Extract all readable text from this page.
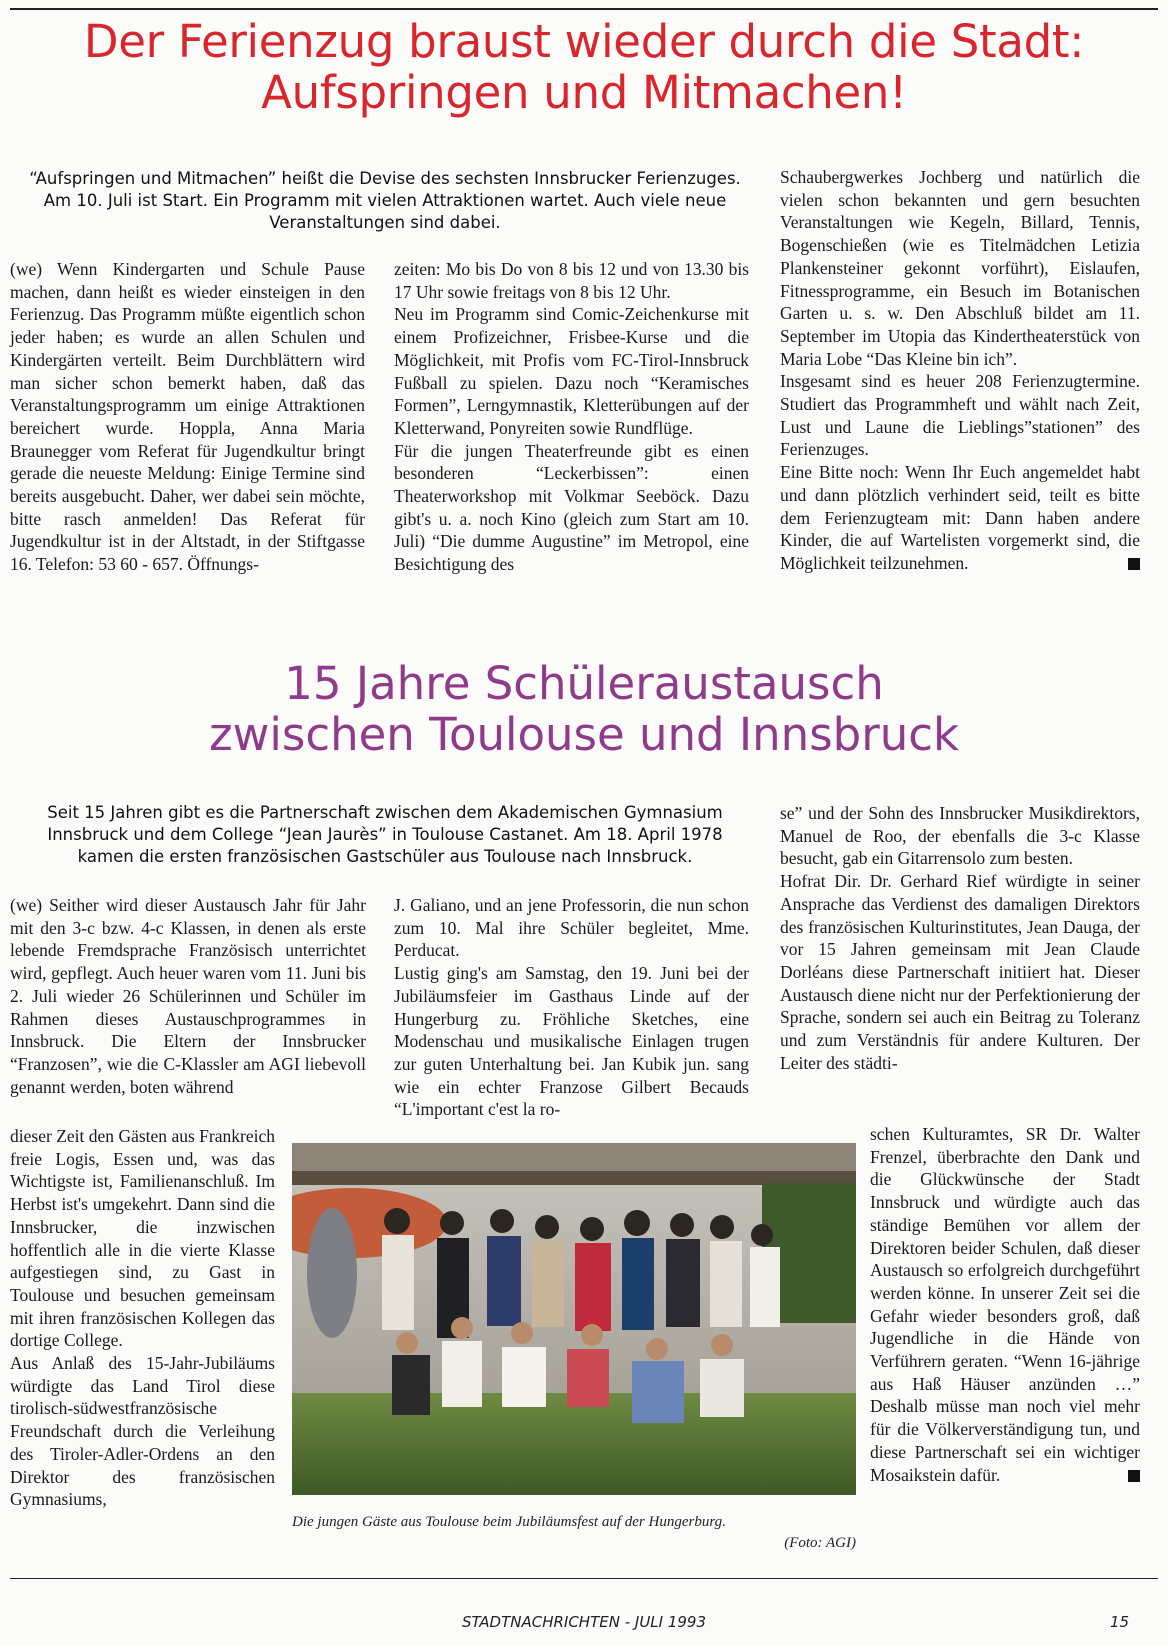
Der Ferienzug braust wieder durch die Stadt:
Aufspringen und Mitmachen!

“Aufspringen und Mitmachen” heißt die Devise des sechsten Innsbrucker Ferienzuges. Am 10. Juli ist Start. Ein Programm mit vielen Attraktionen wartet. Auch viele neue Veranstaltungen sind dabei.

(we) Wenn Kindergarten und Schule Pause machen, dann heißt es wieder einsteigen in den Ferienzug. Das Programm müßte eigentlich schon jeder haben; es wurde an allen Schulen und Kindergärten verteilt. Beim Durchblättern wird man sicher schon bemerkt haben, daß das Veranstaltungsprogramm um einige Attraktionen bereichert wurde. Hoppla, Anna Maria Braunegger vom Referat für Jugendkultur bringt gerade die neueste Meldung: Einige Termine sind bereits ausgebucht. Daher, wer dabei sein möchte, bitte rasch anmelden! Das Referat für Jugendkultur ist in der Altstadt, in der Stiftgasse 16. Telefon: 53 60 - 657. Öffnungs-

zeiten: Mo bis Do von 8 bis 12 und von 13.30 bis 17 Uhr sowie freitags von 8 bis 12 Uhr.

Neu im Programm sind Comic-Zeichenkurse mit einem Profizeichner, Frisbee-Kurse und die Möglichkeit, mit Profis vom FC-Tirol-Innsbruck Fußball zu spielen. Dazu noch “Keramisches Formen”, Lerngymnastik, Kletterübungen auf der Kletterwand, Ponyreiten sowie Rundflüge.

Für die jungen Theaterfreunde gibt es einen besonderen “Leckerbissen”: einen Theaterworkshop mit Volkmar Seeböck. Dazu gibt's u. a. noch Kino (gleich zum Start am 10. Juli) “Die dumme Augustine” im Metropol, eine Besichtigung des

Schaubergwerkes Jochberg und natürlich die vielen schon bekannten und gern besuchten Veranstaltungen wie Kegeln, Billard, Tennis, Bogenschießen (wie es Titelmädchen Letizia Plankensteiner gekonnt vorführt), Eislaufen, Fitnessprogramme, ein Besuch im Botanischen Garten u. s. w. Den Abschluß bildet am 11. September im Utopia das Kindertheaterstück von Maria Lobe “Das Kleine bin ich”.

Insgesamt sind es heuer 208 Ferienzugtermine. Studiert das Programmheft und wählt nach Zeit, Lust und Laune die Lieblings”stationen” des Ferienzuges.

Eine Bitte noch: Wenn Ihr Euch angemeldet habt und dann plötzlich verhindert seid, teilt es bitte dem Ferienzugteam mit: Dann haben andere Kinder, die auf Wartelisten vorgemerkt sind, die Möglichkeit teilzunehmen.

15 Jahre Schüleraustausch
zwischen Toulouse und Innsbruck

Seit 15 Jahren gibt es die Partnerschaft zwischen dem Akademischen Gymnasium Innsbruck und dem College “Jean Jaurès” in Toulouse Castanet. Am 18. April 1978 kamen die ersten französischen Gastschüler aus Toulouse nach Innsbruck.

(we) Seither wird dieser Austausch Jahr für Jahr mit den 3-c bzw. 4-c Klassen, in denen als erste lebende Fremdsprache Französisch unterrichtet wird, gepflegt. Auch heuer waren vom 11. Juni bis 2. Juli wieder 26 Schülerinnen und Schüler im Rahmen dieses Austauschprogrammes in Innsbruck. Die Eltern der Innsbrucker “Franzosen”, wie die C-Klassler am AGI liebevoll genannt werden, boten während

dieser Zeit den Gästen aus Frankreich freie Logis, Essen und, was das Wichtigste ist, Familienanschluß. Im Herbst ist's umgekehrt. Dann sind die Innsbrucker, die inzwischen hoffentlich alle in die vierte Klasse aufgestiegen sind, zu Gast in Toulouse und besuchen gemeinsam mit ihren französischen Kollegen das dortige College.

Aus Anlaß des 15-Jahr-Jubiläums würdigte das Land Tirol diese tirolisch-südwestfranzösische Freundschaft durch die Verleihung des Tiroler-Adler-Ordens an den Direktor des französischen Gymnasiums,

J. Galiano, und an jene Professorin, die nun schon zum 10. Mal ihre Schüler begleitet, Mme. Perducat.

Lustig ging's am Samstag, den 19. Juni bei der Jubiläumsfeier im Gasthaus Linde auf der Hungerburg zu. Fröhliche Sketches, eine Modenschau und musikalische Einlagen trugen zur guten Unterhaltung bei. Jan Kubik jun. sang wie ein echter Franzose Gilbert Becauds “L'important c'est la ro-

se” und der Sohn des Innsbrucker Musikdirektors, Manuel de Roo, der ebenfalls die 3-c Klasse besucht, gab ein Gitarrensolo zum besten.

Hofrat Dir. Dr. Gerhard Rief würdigte in seiner Ansprache das Verdienst des damaligen Direktors des französischen Kulturinstitutes, Jean Dauga, der vor 15 Jahren gemeinsam mit Jean Claude Dorléans diese Partnerschaft initiiert hat. Dieser Austausch diene nicht nur der Perfektionierung der Sprache, sondern sei auch ein Beitrag zu Toleranz und zum Verständnis für andere Kulturen. Der Leiter des städti-

schen Kulturamtes, SR Dr. Walter Frenzel, überbrachte den Dank und die Glückwünsche der Stadt Innsbruck und würdigte auch das ständige Bemühen vor allem der Direktoren beider Schulen, daß dieser Austausch so erfolgreich durchgeführt werden könne. In unserer Zeit sei die Gefahr wieder besonders groß, daß Jugendliche in die Hände von Verführern geraten. “Wenn 16-jährige aus Haß Häuser anzünden …” Deshalb müsse man noch viel mehr für die Völkerverständigung tun, und diese Partnerschaft sei ein wichtiger Mosaikstein dafür.

Die jungen Gäste aus Toulouse beim Jubiläumsfest auf der Hungerburg.
(Foto: AGI)

STADTNACHRICHTEN - JULI 1993	15
